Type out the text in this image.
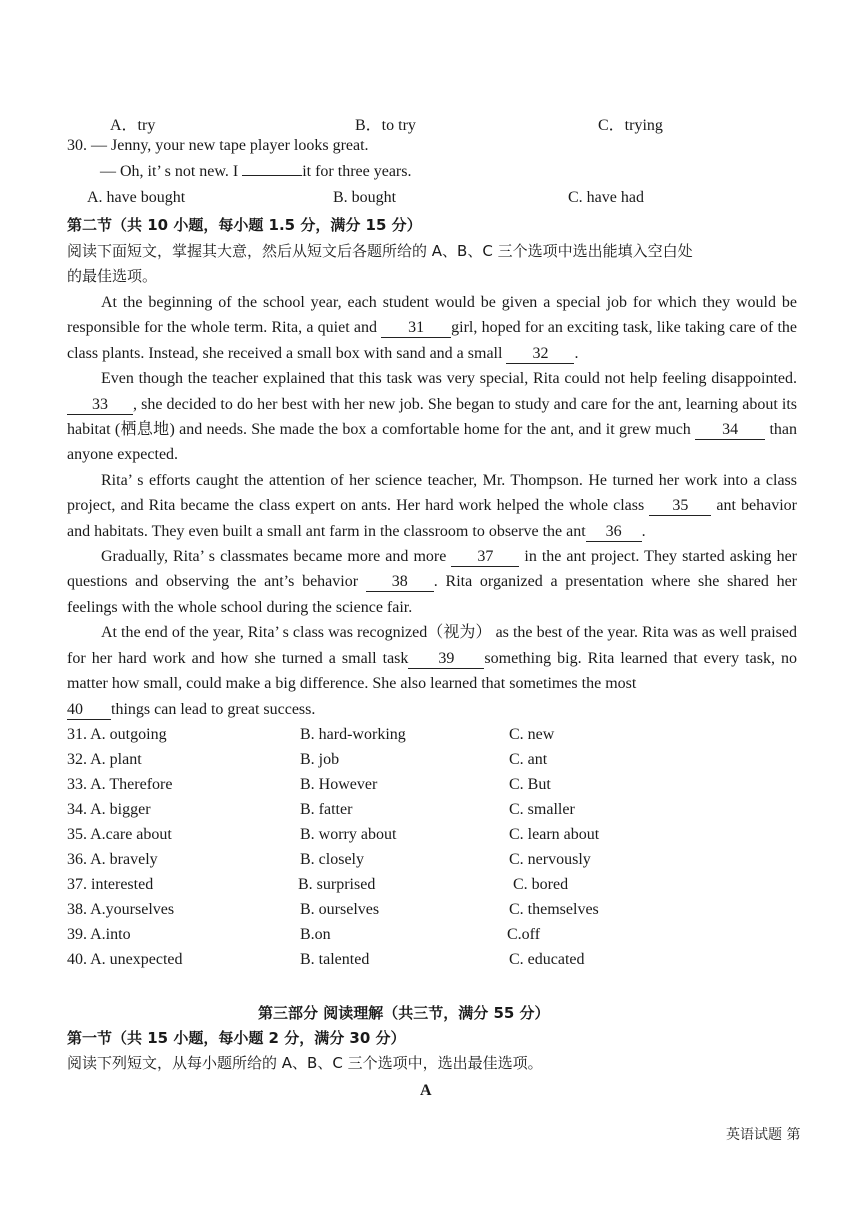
A．try	B．to try	C．trying
30. — Jenny, your new tape player looks great.
— Oh, it’ s not new. I	it for three years.
A. have bought	B. bought	C. have had
第二节（共 10 小题，每小题 1.5 分，满分 15 分）
阅读下面短文，掌握其大意，然后从短文后各题所给的 A、B、C 三个选项中选出能填入空白处
的最佳选项。

At the beginning of the school year, each student would be given a special job for which they would be responsible for the whole term. Rita, a quiet and 31 girl, hoped for an exciting task, like taking care of the class plants. Instead, she received a small box with sand and a small 32 .

Even though the teacher explained that this task was very special, Rita could not help feeling disappointed. 33 , she decided to do her best with her new job. She began to study and care for the ant, learning about its habitat (栖息地) and needs. She made the box a comfortable home for the ant, and it grew much 34 than anyone expected.

Rita’ s efforts caught the attention of her science teacher, Mr. Thompson. He turned her work into a class project, and Rita became the class expert on ants. Her hard work helped the whole class 35 ant behavior and habitats. They even built a small ant farm in the classroom to observe the ant 36 .

Gradually, Rita’ s classmates became more and more 37 in the ant project. They started asking her questions and observing the ant’s behavior 38 . Rita organized a presentation where she shared her feelings with the whole school during the science fair.

At the end of the year, Rita’ s class was recognized（视为） as the best of the year. Rita was as well praised for her hard work and how she turned a small task 39 something big. Rita learned that every task, no matter how small, could make a big difference. She also learned that sometimes the most

40 things can lead to great success.

31. A. outgoing	B. hard-working	C. new
32. A. plant	B. job	C. ant
33. A. Therefore	B. However	C. But
34. A. bigger	B. fatter	C. smaller
35. A.care about	B. worry about	C. learn about
36. A. bravely	B. closely	C. nervously
37. interested	B. surprised	C. bored
38. A.yourselves	B. ourselves	C. themselves
39. A.into	B.on	C.off
40. A. unexpected	B. talented	C. educated
第三部分 阅读理解（共三节，满分 55 分）
第一节（共 15 小题，每小题 2 分，满分 30 分）
阅读下列短文，从每小题所给的 A、B、C 三个选项中，选出最佳选项。
A
英语试题 第
